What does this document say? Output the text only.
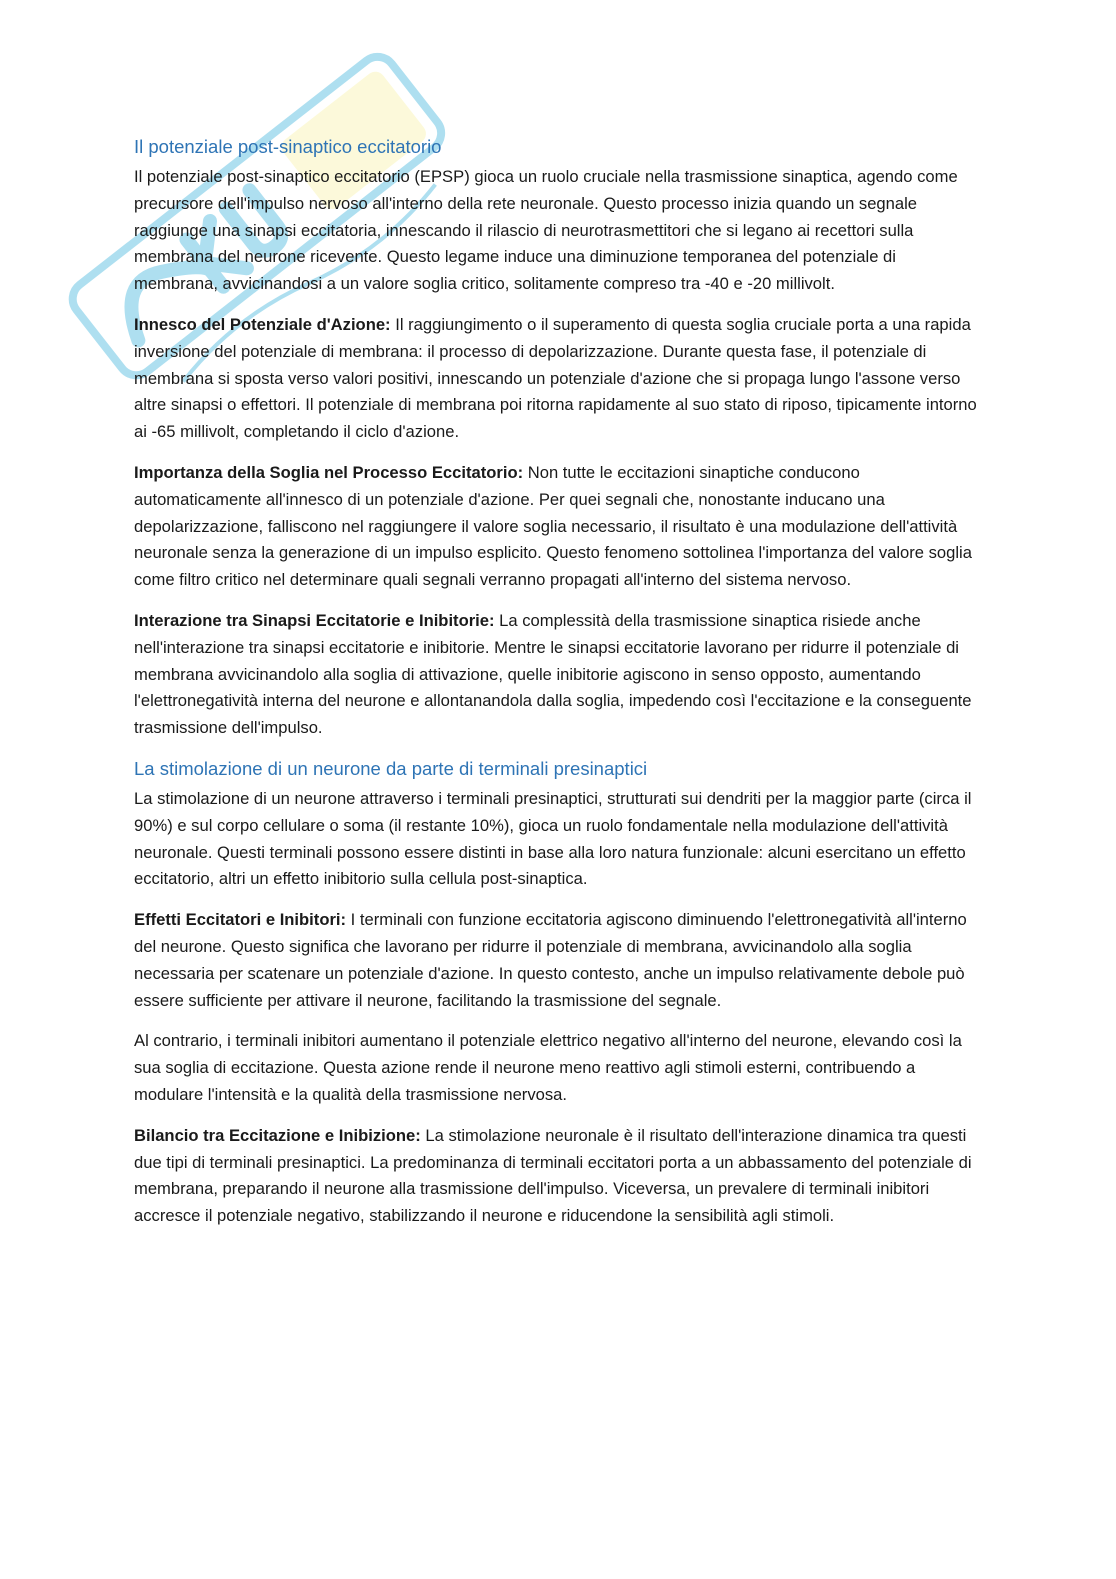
Il potenziale post-sinaptico eccitatorio

Il potenziale post-sinaptico eccitatorio (EPSP) gioca un ruolo cruciale nella trasmissione sinaptica, agendo come precursore dell'impulso nervoso all'interno della rete neuronale. Questo processo inizia quando un segnale raggiunge una sinapsi eccitatoria, innescando il rilascio di neurotrasmettitori che si legano ai recettori sulla membrana del neurone ricevente. Questo legame induce una diminuzione temporanea del potenziale di membrana, avvicinandosi a un valore soglia critico, solitamente compreso tra -40 e -20 millivolt.

Innesco del Potenziale d'Azione: Il raggiungimento o il superamento di questa soglia cruciale porta a una rapida inversione del potenziale di membrana: il processo di depolarizzazione. Durante questa fase, il potenziale di membrana si sposta verso valori positivi, innescando un potenziale d'azione che si propaga lungo l'assone verso altre sinapsi o effettori. Il potenziale di membrana poi ritorna rapidamente al suo stato di riposo, tipicamente intorno ai -65 millivolt, completando il ciclo d'azione.

Importanza della Soglia nel Processo Eccitatorio: Non tutte le eccitazioni sinaptiche conducono automaticamente all'innesco di un potenziale d'azione. Per quei segnali che, nonostante inducano una depolarizzazione, falliscono nel raggiungere il valore soglia necessario, il risultato è una modulazione dell'attività neuronale senza la generazione di un impulso esplicito. Questo fenomeno sottolinea l'importanza del valore soglia come filtro critico nel determinare quali segnali verranno propagati all'interno del sistema nervoso.

Interazione tra Sinapsi Eccitatorie e Inibitorie: La complessità della trasmissione sinaptica risiede anche nell'interazione tra sinapsi eccitatorie e inibitorie. Mentre le sinapsi eccitatorie lavorano per ridurre il potenziale di membrana avvicinandolo alla soglia di attivazione, quelle inibitorie agiscono in senso opposto, aumentando l'elettronegatività interna del neurone e allontanandola dalla soglia, impedendo così l'eccitazione e la conseguente trasmissione dell'impulso.

La stimolazione di un neurone da parte di terminali presinaptici

La stimolazione di un neurone attraverso i terminali presinaptici, strutturati sui dendriti per la maggior parte (circa il 90%) e sul corpo cellulare o soma (il restante 10%), gioca un ruolo fondamentale nella modulazione dell'attività neuronale. Questi terminali possono essere distinti in base alla loro natura funzionale: alcuni esercitano un effetto eccitatorio, altri un effetto inibitorio sulla cellula post-sinaptica.

Effetti Eccitatori e Inibitori: I terminali con funzione eccitatoria agiscono diminuendo l'elettronegatività all'interno del neurone. Questo significa che lavorano per ridurre il potenziale di membrana, avvicinandolo alla soglia necessaria per scatenare un potenziale d'azione. In questo contesto, anche un impulso relativamente debole può essere sufficiente per attivare il neurone, facilitando la trasmissione del segnale.

Al contrario, i terminali inibitori aumentano il potenziale elettrico negativo all'interno del neurone, elevando così la sua soglia di eccitazione. Questa azione rende il neurone meno reattivo agli stimoli esterni, contribuendo a modulare l'intensità e la qualità della trasmissione nervosa.

Bilancio tra Eccitazione e Inibizione: La stimolazione neuronale è il risultato dell'interazione dinamica tra questi due tipi di terminali presinaptici. La predominanza di terminali eccitatori porta a un abbassamento del potenziale di membrana, preparando il neurone alla trasmissione dell'impulso. Viceversa, un prevalere di terminali inibitori accresce il potenziale negativo, stabilizzando il neurone e riducendone la sensibilità agli stimoli.
